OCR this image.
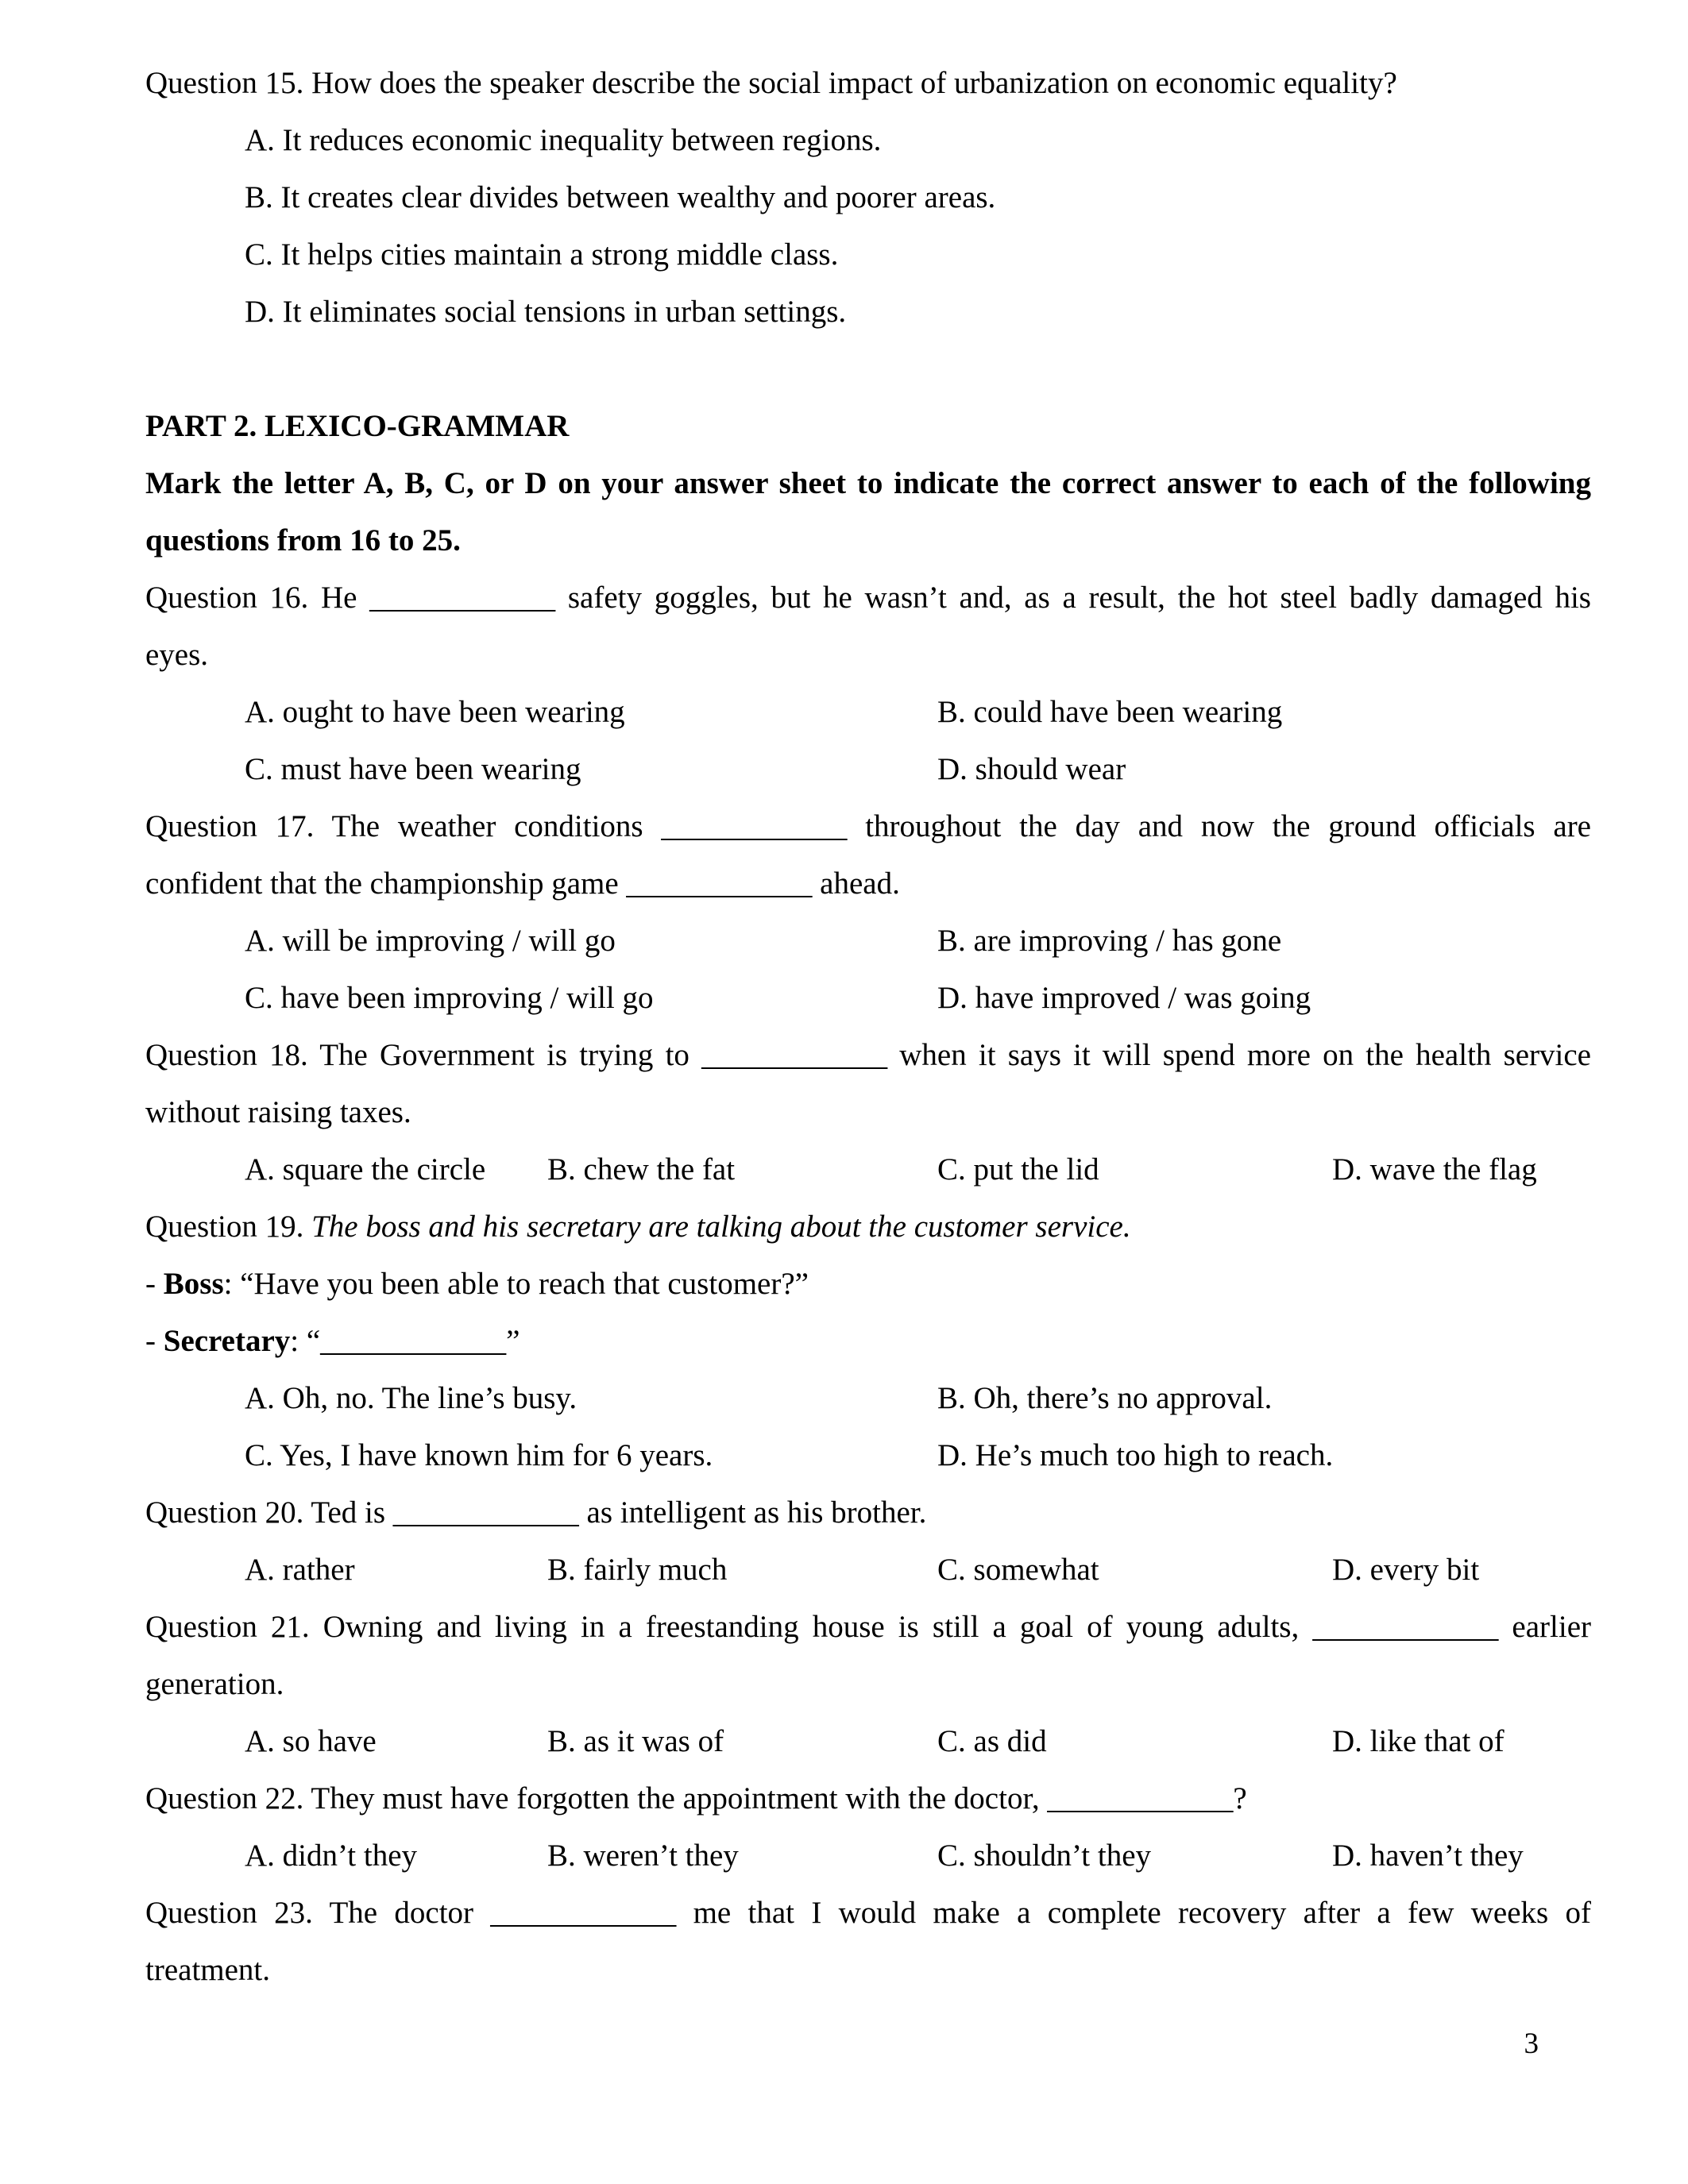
Question 15. How does the speaker describe the social impact of urbanization on economic equality?
A. It reduces economic inequality between regions.
B. It creates clear divides between wealthy and poorer areas.
C. It helps cities maintain a strong middle class.
D. It eliminates social tensions in urban settings.
PART 2. LEXICO-GRAMMAR
Mark the letter A, B, C, or D on your answer sheet to indicate the correct answer to each of the following
questions from 16 to 25.
Question 16. He ____________ safety goggles, but he wasn’t and, as a result, the hot steel badly damaged his
eyes.

A. ought to have been wearing

	B. could have been wearing

C. must have been wearing

	D. should wear

Question 17. The weather conditions ____________ throughout the day and now the ground officials are
confident that the championship game ____________ ahead.

A. will be improving / will go

	B. are improving / has gone

C. have been improving / will go

	D. have improved / was going

Question 18. The Government is trying to ____________ when it says it will spend more on the health service
without raising taxes.

A. square the circle

B. chew the fat

	C. put the lid

	D. wave the flag

Question 19. The boss and his secretary are talking about the customer service.
- Boss: “Have you been able to reach that customer?”
- Secretary: “____________”

A. Oh, no. The line’s busy.

	B. Oh, there’s no approval.

C. Yes, I have known him for 6 years.

	D. He’s much too high to reach.

Question 20. Ted is ____________ as intelligent as his brother.

A. rather

	B. fairly much

	C. somewhat

	D. every bit

Question 21. Owning and living in a freestanding house is still a goal of young adults, ____________ earlier
generation.

A. so have

	B. as it was of

	C. as did

	D. like that of

Question 22. They must have forgotten the appointment with the doctor, ____________?

A. didn’t they

	B. weren’t they

	C. shouldn’t they

	D. haven’t they

Question 23. The doctor ____________ me that I would make a complete recovery after a few weeks of
treatment.
3
